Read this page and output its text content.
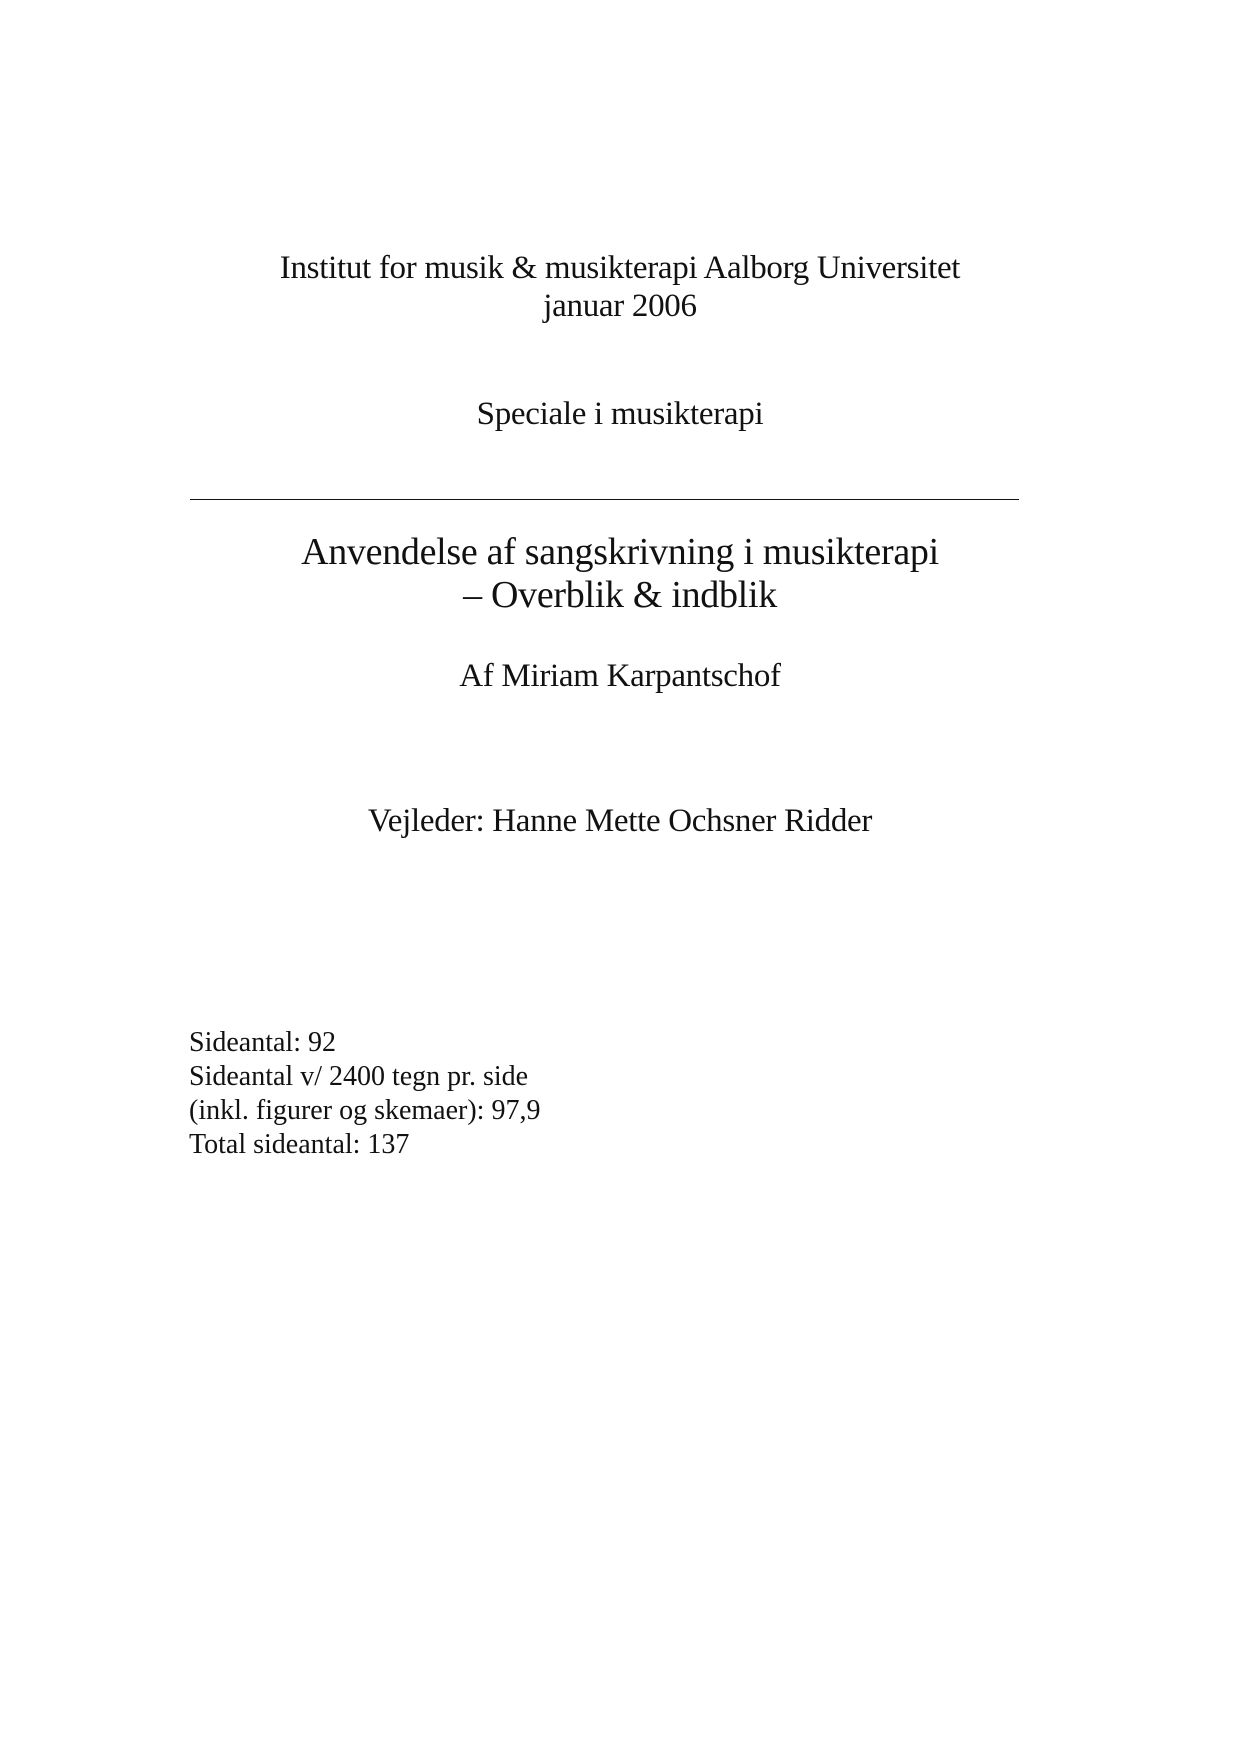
Institut for musik & musikterapi Aalborg Universitet
januar 2006
Speciale i musikterapi
Anvendelse af sangskrivning i musikterapi
– Overblik & indblik
Af Miriam Karpantschof
Vejleder: Hanne Mette Ochsner Ridder
Sideantal: 92
Sideantal v/ 2400 tegn pr. side
(inkl. figurer og skemaer): 97,9
Total sideantal: 137
